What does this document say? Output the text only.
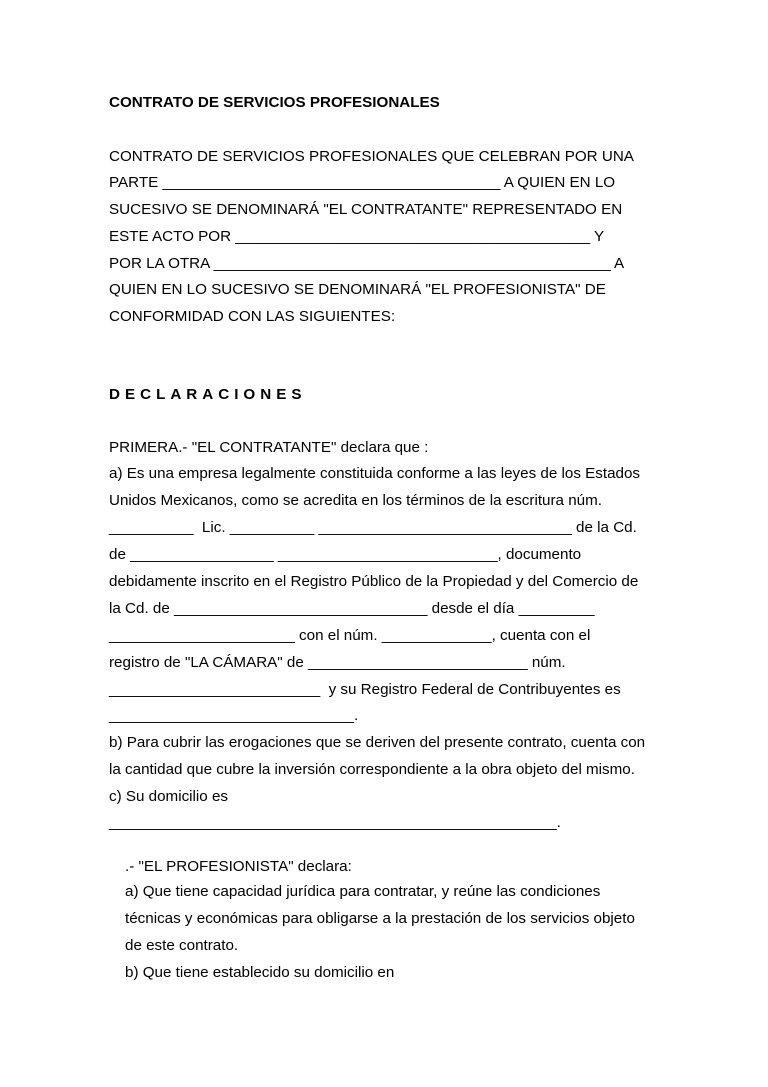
CONTRATO DE SERVICIOS PROFESIONALES
CONTRATO DE SERVICIOS PROFESIONALES QUE CELEBRAN POR UNA
PARTE ________________________________________ A QUIEN EN LO
SUCESIVO SE DENOMINARÁ "EL CONTRATANTE" REPRESENTADO EN
ESTE ACTO POR __________________________________________ Y
POR LA OTRA _______________________________________________ A
QUIEN EN LO SUCESIVO SE DENOMINARÁ "EL PROFESIONISTA" DE
CONFORMIDAD CON LAS SIGUIENTES:
DECLARACIONES
PRIMERA.- "EL CONTRATANTE" declara que :
a) Es una empresa legalmente constituida conforme a las leyes de los Estados
Unidos Mexicanos, como se acredita en los términos de la escritura núm.
__________  Lic. __________ ______________________________ de la Cd.
de _________________ __________________________, documento
debidamente inscrito en el Registro Público de la Propiedad y del Comercio de
la Cd. de ______________________________ desde el día _________
______________________ con el núm. _____________, cuenta con el
registro de "LA CÁMARA" de __________________________ núm.
_________________________  y su Registro Federal de Contribuyentes es
_____________________________.
b) Para cubrir las erogaciones que se deriven del presente contrato, cuenta con
la cantidad que cubre la inversión correspondiente a la obra objeto del mismo.
c) Su domicilio es
_____________________________________________________.
.- "EL PROFESIONISTA" declara:
a) Que tiene capacidad jurídica para contratar, y reúne las condiciones
técnicas y económicas para obligarse a la prestación de los servicios objeto
de este contrato.
b) Que tiene establecido su domicilio en
